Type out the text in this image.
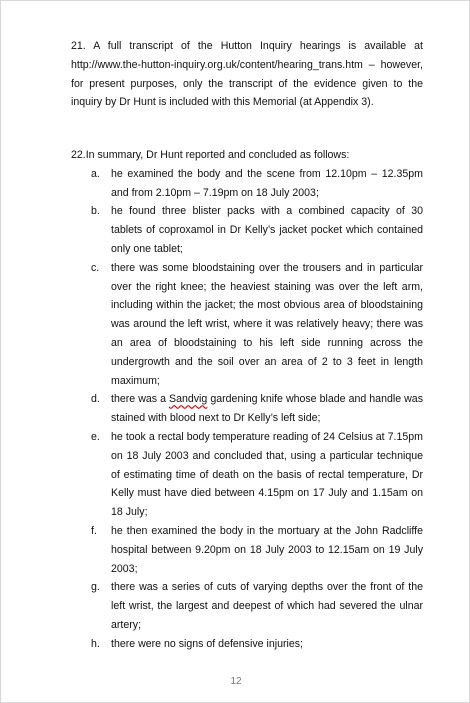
21. A full transcript of the Hutton Inquiry hearings is available at http://www.the-hutton-inquiry.org.uk/content/hearing_trans.htm – however, for present purposes, only the transcript of the evidence given to the inquiry by Dr Hunt is included with this Memorial (at Appendix 3).
22.In summary, Dr Hunt reported and concluded as follows:
a. he examined the body and the scene from 12.10pm – 12.35pm and from 2.10pm – 7.19pm on 18 July 2003;
b. he found three blister packs with a combined capacity of 30 tablets of coproxamol in Dr Kelly’s jacket pocket which contained only one tablet;
c. there was some bloodstaining over the trousers and in particular over the right knee; the heaviest staining was over the left arm, including within the jacket; the most obvious area of bloodstaining was around the left wrist, where it was relatively heavy; there was an area of bloodstaining to his left side running across the undergrowth and the soil over an area of 2 to 3 feet in length maximum;
d. there was a Sandvig gardening knife whose blade and handle was stained with blood next to Dr Kelly’s left side;
e. he took a rectal body temperature reading of 24 Celsius at 7.15pm on 18 July 2003 and concluded that, using a particular technique of estimating time of death on the basis of rectal temperature, Dr Kelly must have died between 4.15pm on 17 July and 1.15am on 18 July;
f. he then examined the body in the mortuary at the John Radcliffe hospital between 9.20pm on 18 July 2003 to 12.15am on 19 July 2003;
g. there was a series of cuts of varying depths over the front of the left wrist, the largest and deepest of which had severed the ulnar artery;
h. there were no signs of defensive injuries;
12
